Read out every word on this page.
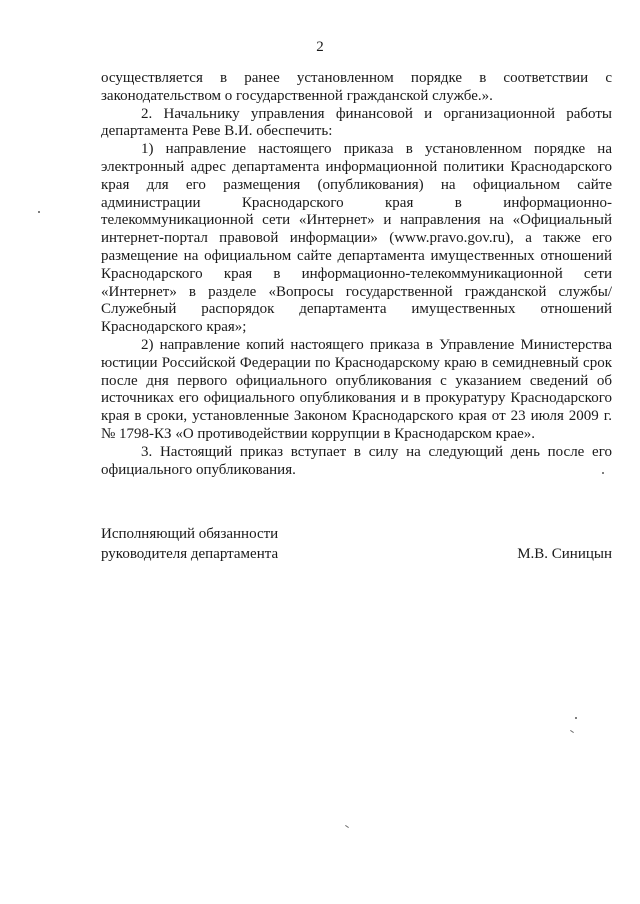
2

осуществляется в ранее установленном порядке в соответствии с законодательством о государственной гражданской службе.».

2. Начальнику управления финансовой и организационной работы департамента Реве В.И. обеспечить:

1) направление настоящего приказа в установленном порядке на электронный адрес департамента информационной политики Краснодарского края для его размещения (опубликования) на официальном сайте администрации Краснодарского края в информационно-телекоммуникационной сети «Интернет» и направления на «Официальный интернет-портал правовой информации» (www.pravo.gov.ru), а также его размещение на официальном сайте департамента имущественных отношений Краснодарского края в информационно-телекоммуникационной сети «Интернет» в разделе «Вопросы государственной гражданской службы/Служебный распорядок департамента имущественных отношений Краснодарского края»;

2) направление копий настоящего приказа в Управление Министерства юстиции Российской Федерации по Краснодарскому краю в семидневный срок после дня первого официального опубликования с указанием сведений об источниках его официального опубликования и в прокуратуру Краснодарского края в сроки, установленные Законом Краснодарского края от 23 июля 2009 г. № 1798-КЗ «О противодействии коррупции в Краснодарском крае».

3. Настоящий приказ вступает в силу на следующий день после его официального опубликования.

Исполняющий обязанности
руководителя департамента	М.В. Синицын
